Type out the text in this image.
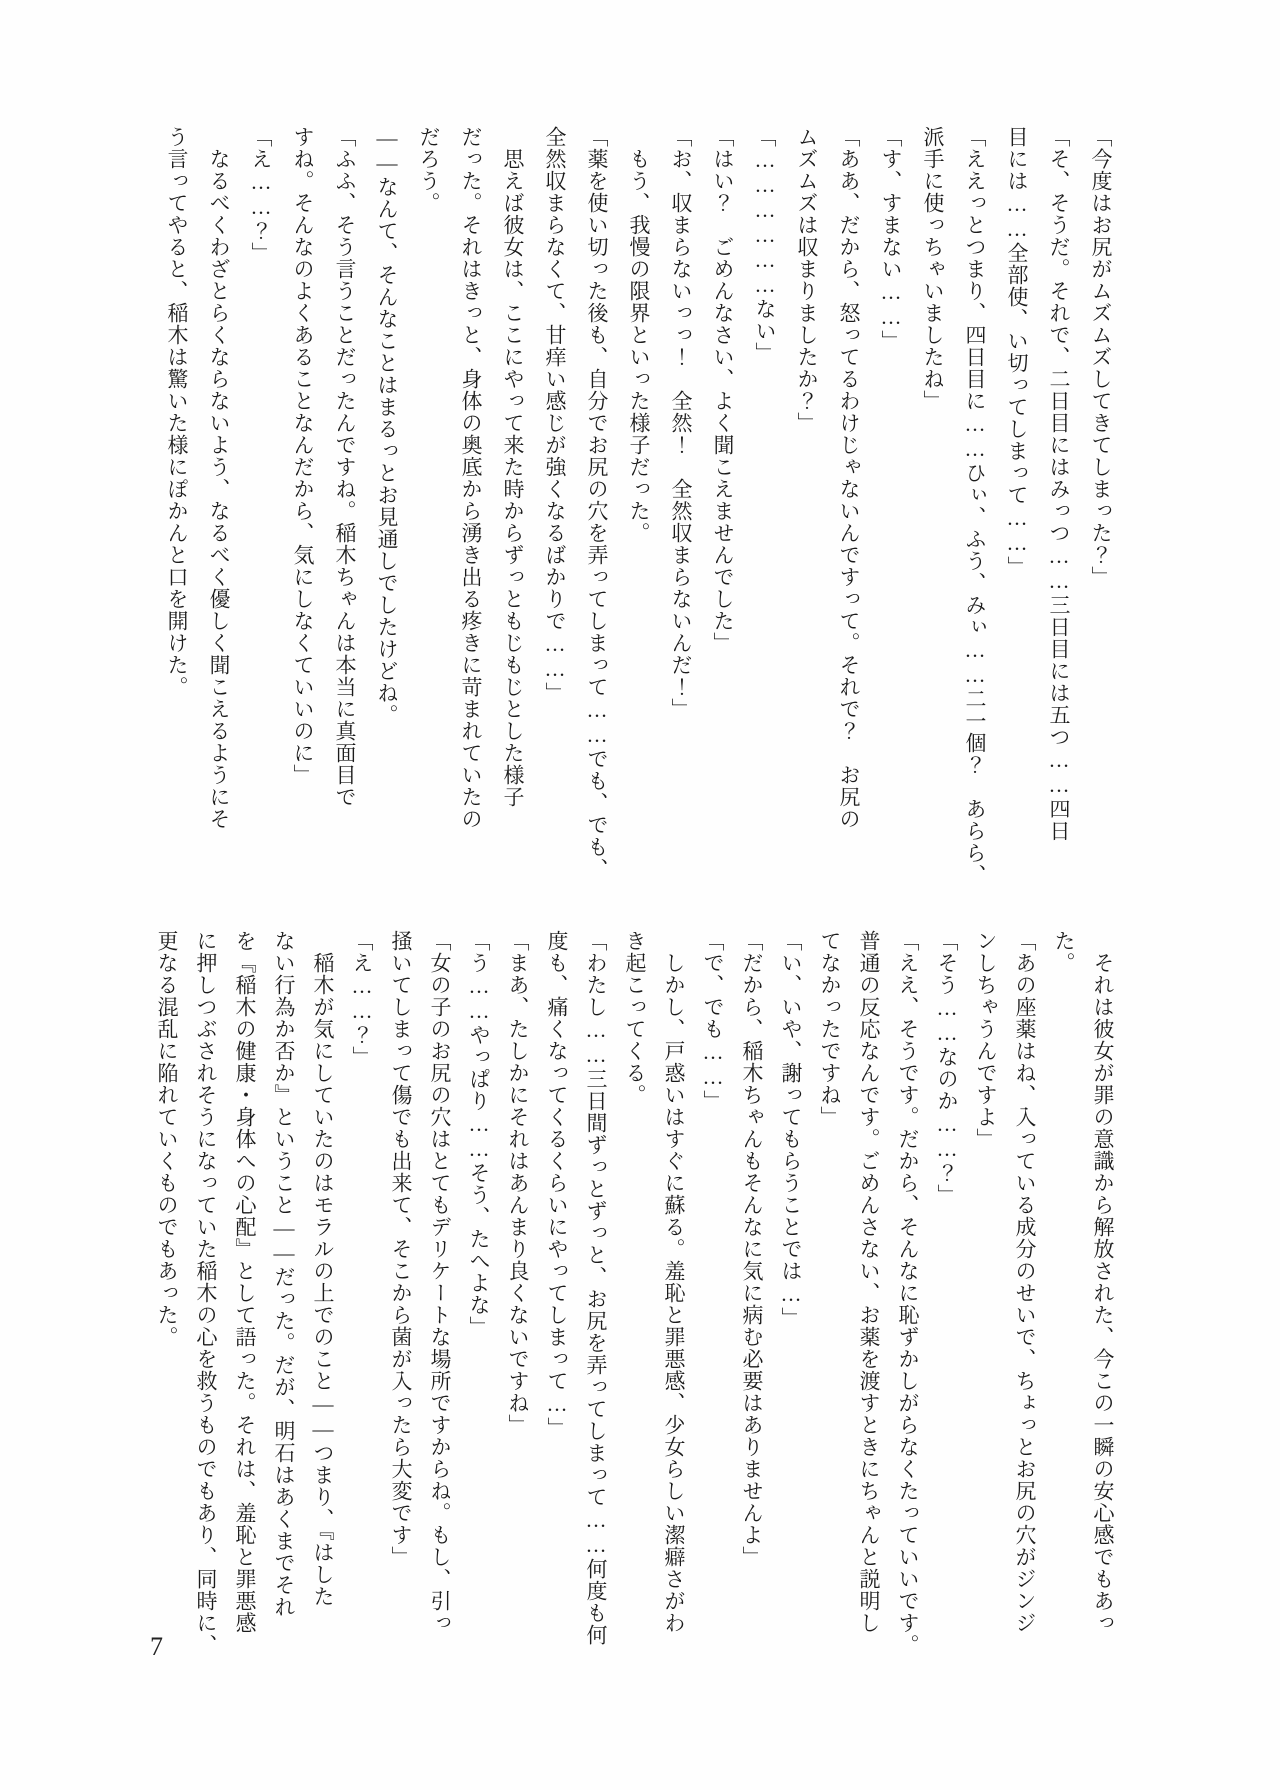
「今度はお尻がムズムズしてきてしまった？」
「そ、そうだ。それで、二日目にはみっつ……三日目には五つ……四日
目には……全部使、い切ってしまって……」
「ええっとつまり、四日目に……ひぃ、ふう、みぃ……二一個？　あらら、
派手に使っちゃいましたね」
「す、すまない……」
「ああ、だから、怒ってるわけじゃないんですって。それで？　お尻の
ムズムズは収まりましたか？」
「………………ない」
「はい？　ごめんなさい、よく聞こえませんでした」
「お、収まらないっっ！　全然！　全然収まらないんだ！」
　もう、我慢の限界といった様子だった。
「薬を使い切った後も、自分でお尻の穴を弄ってしまって……でも、でも、
全然収まらなくて、甘痒い感じが強くなるばかりで……」
　思えば彼女は、ここにやって来た時からずっともじもじとした様子
だった。それはきっと、身体の奥底から湧き出る疼きに苛まれていたの
だろう。
――なんて、そんなことはまるっとお見通しでしたけどね。
「ふふ、そう言うことだったんですね。稲木ちゃんは本当に真面目で
すね。そんなのよくあることなんだから、気にしなくていいのに」
「え……？」
　なるべくわざとらくならないよう、なるべく優しく聞こえるようにそ
う言ってやると、稲木は驚いた様にぽかんと口を開けた。
　それは彼女が罪の意識から解放された、今この一瞬の安心感でもあっ
た。
「あの座薬はね、入っている成分のせいで、ちょっとお尻の穴がジンジ
ンしちゃうんですよ」
「そう……なのか……？」
「ええ、そうです。だから、そんなに恥ずかしがらなくたっていいです。
普通の反応なんです。ごめんさない、お薬を渡すときにちゃんと説明し
てなかったですね」
「い、いや、謝ってもらうことでは…」
「だから、稲木ちゃんもそんなに気に病む必要はありませんよ」
「で、でも……」
　しかし、戸惑いはすぐに蘇る。羞恥と罪悪感、少女らしい潔癖さがわ
き起こってくる。
「わたし……三日間ずっとずっと、お尻を弄ってしまって……何度も何
度も、痛くなってくるくらいにやってしまって…」
「まあ、たしかにそれはあんまり良くないですね」
「う……やっぱり……そう、たへよな」
「女の子のお尻の穴はとてもデリケートな場所ですからね。もし、引っ
掻いてしまって傷でも出来て、そこから菌が入ったら大変です」
「え……？」
　稲木が気にしていたのはモラルの上でのこと――つまり、『はした
ない行為か否か』ということ――だった。だが、明石はあくまでそれ
を『稲木の健康・身体への心配』として語った。それは、羞恥と罪悪感
に押しつぶされそうになっていた稲木の心を救うものでもあり、同時に、
更なる混乱に陥れていくものでもあった。
7
